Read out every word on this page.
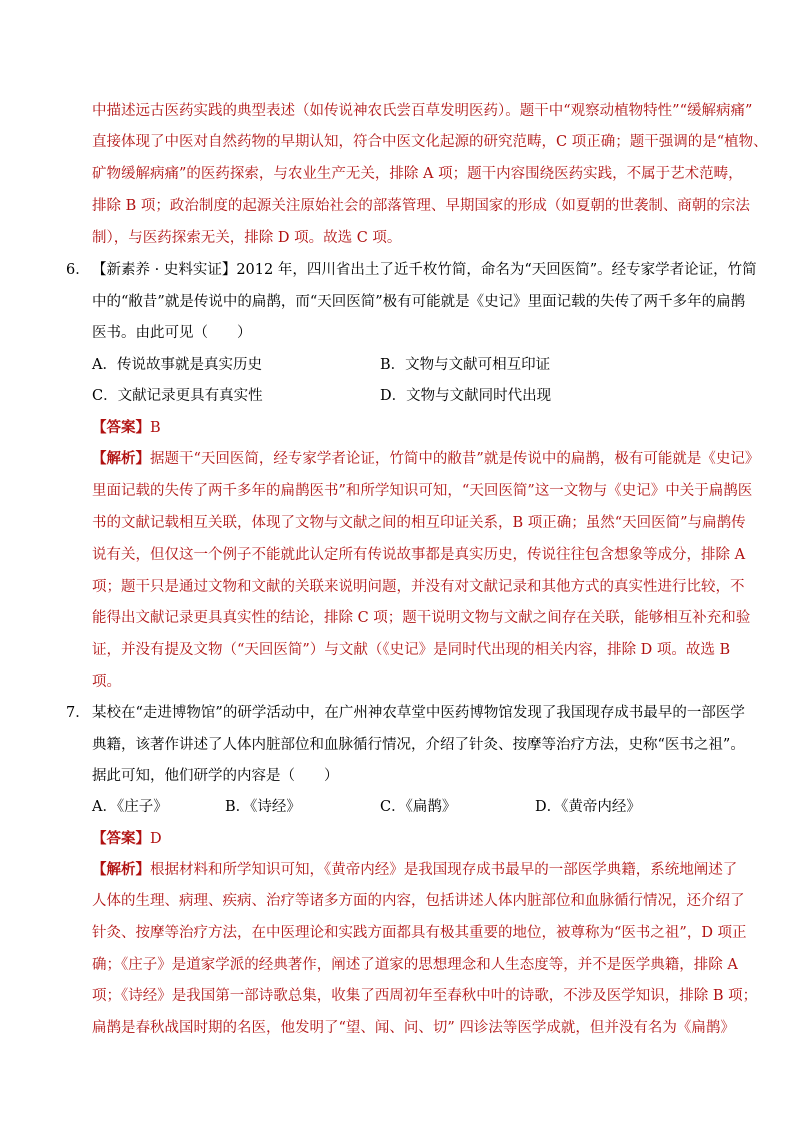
中描述远古医药实践的典型表述（如传说神农氏尝百草发明医药）。题干中“观察动植物特性”“缓解病痛”
直接体现了中医对自然药物的早期认知，符合中医文化起源的研究范畴，C 项正确；题干强调的是“植物、
矿物缓解病痛”的医药探索，与农业生产无关，排除 A 项；题干内容围绕医药实践，不属于艺术范畴，
排除 B 项；政治制度的起源关注原始社会的部落管理、早期国家的形成（如夏朝的世袭制、商朝的宗法
制），与医药探索无关，排除 D 项。故选 C 项。
6． 【新素养 · 史料实证】2012 年，四川省出土了近千枚竹简，命名为“天回医简”。经专家学者论证，竹简
中的“敝昔”就是传说中的扁鹊，而“天回医简”极有可能就是《史记》里面记载的失传了两千多年的扁鹊
医书。由此可见（　　）
A．传说故事就是真实历史	B．文物与文献可相互印证
C．文献记录更具有真实性	D．文物与文献同时代出现
【答案】B
【解析】据题干“天回医简，经专家学者论证，竹简中的敝昔”就是传说中的扁鹊，极有可能就是《史记》
里面记载的失传了两千多年的扁鹊医书”和所学知识可知，“天回医简”这一文物与《史记》中关于扁鹊医
书的文献记载相互关联，体现了文物与文献之间的相互印证关系，B 项正确；虽然“天回医简”与扁鹊传
说有关，但仅这一个例子不能就此认定所有传说故事都是真实历史，传说往往包含想象等成分，排除 A
项；题干只是通过文物和文献的关联来说明问题，并没有对文献记录和其他方式的真实性进行比较，不
能得出文献记录更具真实性的结论，排除 C 项；题干说明文物与文献之间存在关联，能够相互补充和验
证，并没有提及文物（“天回医简”）与文献（《史记》是同时代出现的相关内容，排除 D 项。故选 B
项。
7． 某校在“走进博物馆”的研学活动中，在广州神农草堂中医药博物馆发现了我国现存成书最早的一部医学
典籍，该著作讲述了人体内脏部位和血脉循行情况，介绍了针灸、按摩等治疗方法，史称“医书之祖”。
据此可知，他们研学的内容是（　　）
A．《庄子》	B．《诗经》	C．《扁鹊》	D．《黄帝内经》
【答案】D
【解析】根据材料和所学知识可知，《黄帝内经》是我国现存成书最早的一部医学典籍，系统地阐述了
人体的生理、病理、疾病、治疗等诸多方面的内容，包括讲述人体内脏部位和血脉循行情况，还介绍了
针灸、按摩等治疗方法，在中医理论和实践方面都具有极其重要的地位，被尊称为“医书之祖”，D 项正
确；《庄子》是道家学派的经典著作，阐述了道家的思想理念和人生态度等，并不是医学典籍，排除 A
项；《诗经》是我国第一部诗歌总集，收集了西周初年至春秋中叶的诗歌，不涉及医学知识，排除 B 项；
扁鹊是春秋战国时期的名医，他发明了“望、闻、问、切” 四诊法等医学成就，但并没有名为《扁鹊》
